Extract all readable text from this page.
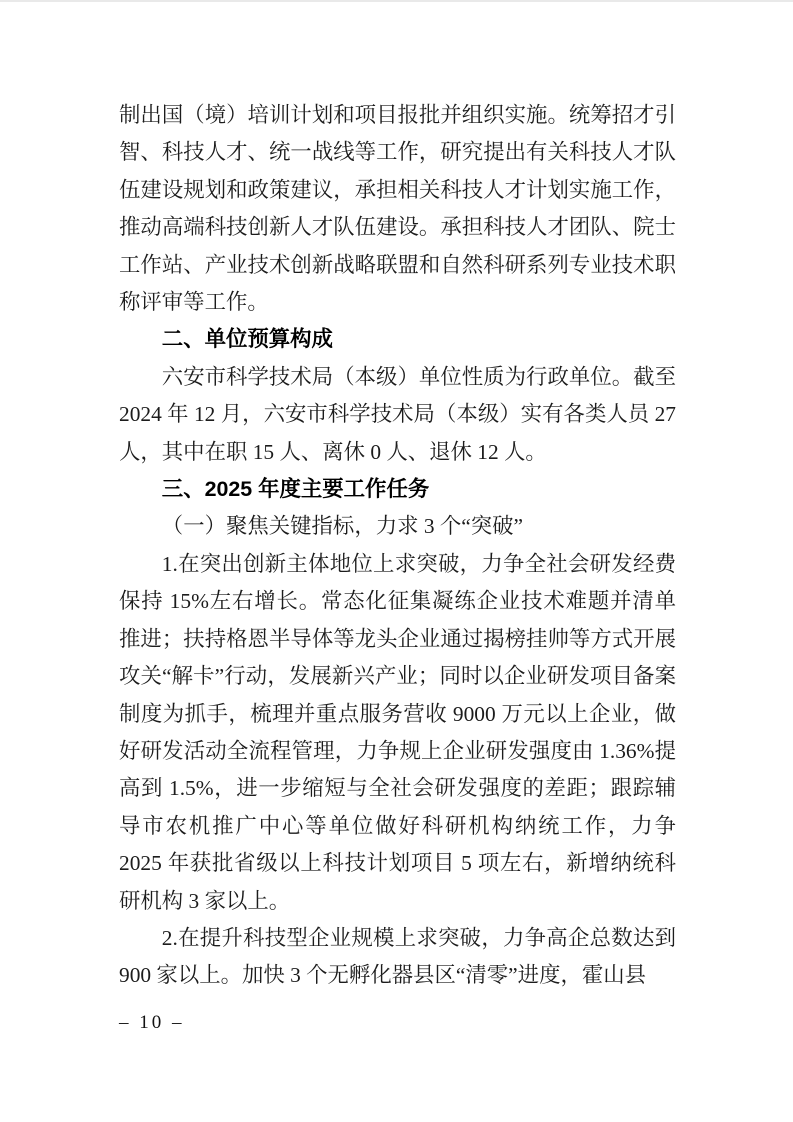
制出国（境）培训计划和项目报批并组织实施。统筹招才引智、科技人才、统一战线等工作，研究提出有关科技人才队伍建设规划和政策建议，承担相关科技人才计划实施工作，推动高端科技创新人才队伍建设。承担科技人才团队、院士工作站、产业技术创新战略联盟和自然科研系列专业技术职称评审等工作。

二、单位预算构成

六安市科学技术局（本级）单位性质为行政单位。截至 2024 年 12 月，六安市科学技术局（本级）实有各类人员 27 人，其中在职 15 人、离休 0 人、退休 12 人。

三、2025 年度主要工作任务

（一）聚焦关键指标，力求 3 个“突破”

1.在突出创新主体地位上求突破，力争全社会研发经费保持 15%左右增长。常态化征集凝练企业技术难题并清单推进；扶持格恩半导体等龙头企业通过揭榜挂帅等方式开展攻关“解卡”行动，发展新兴产业；同时以企业研发项目备案制度为抓手，梳理并重点服务营收 9000 万元以上企业，做好研发活动全流程管理，力争规上企业研发强度由 1.36%提高到 1.5%，进一步缩短与全社会研发强度的差距；跟踪辅导市农机推广中心等单位做好科研机构纳统工作，力争 2025 年获批省级以上科技计划项目 5 项左右，新增纳统科研机构 3 家以上。

2.在提升科技型企业规模上求突破，力争高企总数达到 900 家以上。加快 3 个无孵化器县区“清零”进度，霍山县

– 10 –
